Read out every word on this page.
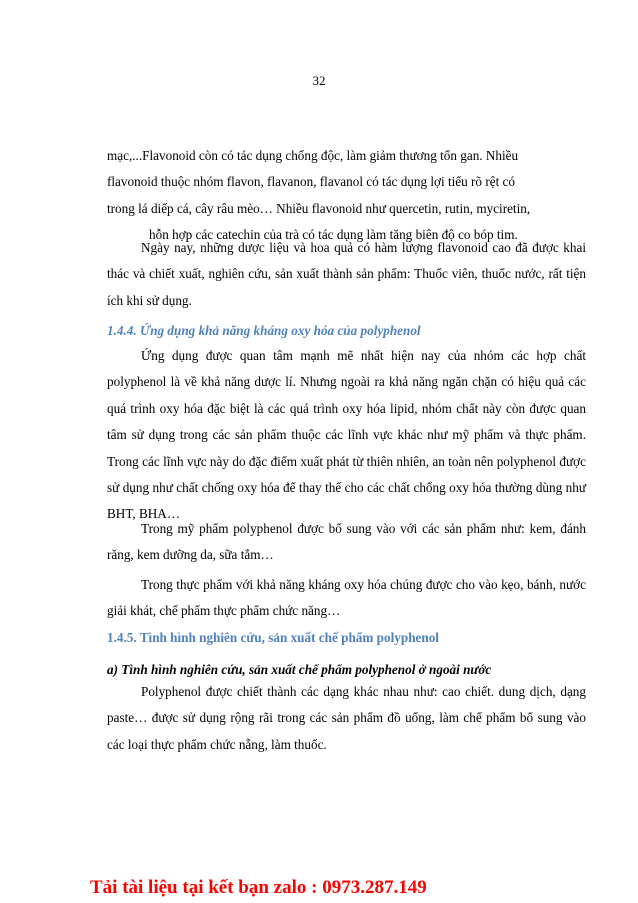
32

mạc,...Flavonoid còn có tác dụng chống độc, làm giảm thương tổn gan. Nhiều
flavonoid thuộc nhóm flavon, flavanon, flavanol có tác dụng lợi tiểu rõ rệt có
trong lá diếp cá, cây râu mèo… Nhiều flavonoid như quercetin, rutin, myciretin,
hỗn hợp các catechin của trà có tác dụng làm tăng biên độ co bóp tim.

Ngày nay, những dược liệu và hoa quả có hàm lượng flavonoid cao đã được khai thác và chiết xuất, nghiên cứu, sản xuất thành sản phẩm: Thuốc viên, thuốc nước, rất tiện ích khi sử dụng.

1.4.4. Ứng dụng khả năng kháng oxy hóa của polyphenol

Ứng dụng được quan tâm mạnh mẽ nhất hiện nay của nhóm các hợp chất polyphenol là về khả năng dược lí. Nhưng ngoài ra khả năng ngăn chặn có hiệu quả các quá trình oxy hóa đặc biệt là các quá trình oxy hóa lipid, nhóm chất này còn được quan tâm sử dụng trong các sản phẩm thuộc các lĩnh vực khác như mỹ phẩm và thực phẩm. Trong các lĩnh vực này do đặc điểm xuất phát từ thiên nhiên, an toàn nên polyphenol được sử dụng như chất chống oxy hóa để thay thế cho các chất chống oxy hóa thường dùng như BHT, BHA…

Trong mỹ phẩm polyphenol được bổ sung vào với các sản phẩm như: kem, đánh răng, kem dưỡng da, sữa tắm…

Trong thực phẩm với khả năng kháng oxy hóa chúng được cho vào kẹo, bánh, nước giải khát, chế phẩm thực phẩm chức năng…

1.4.5. Tình hình nghiên cứu, sản xuất chế phẩm polyphenol
a) Tình hình nghiên cứu, sản xuất chế phẩm polyphenol ở ngoài nước

Polyphenol được chiết thành các dạng khác nhau như: cao chiết. dung dịch, dạng paste… được sử dụng rộng rãi trong các sản phẩm đồ uống, làm chế phẩm bổ sung vào các loại thực phẩm chức nẵng, làm thuốc.

Tải tài liệu tại kết bạn zalo : 0973.287.149
